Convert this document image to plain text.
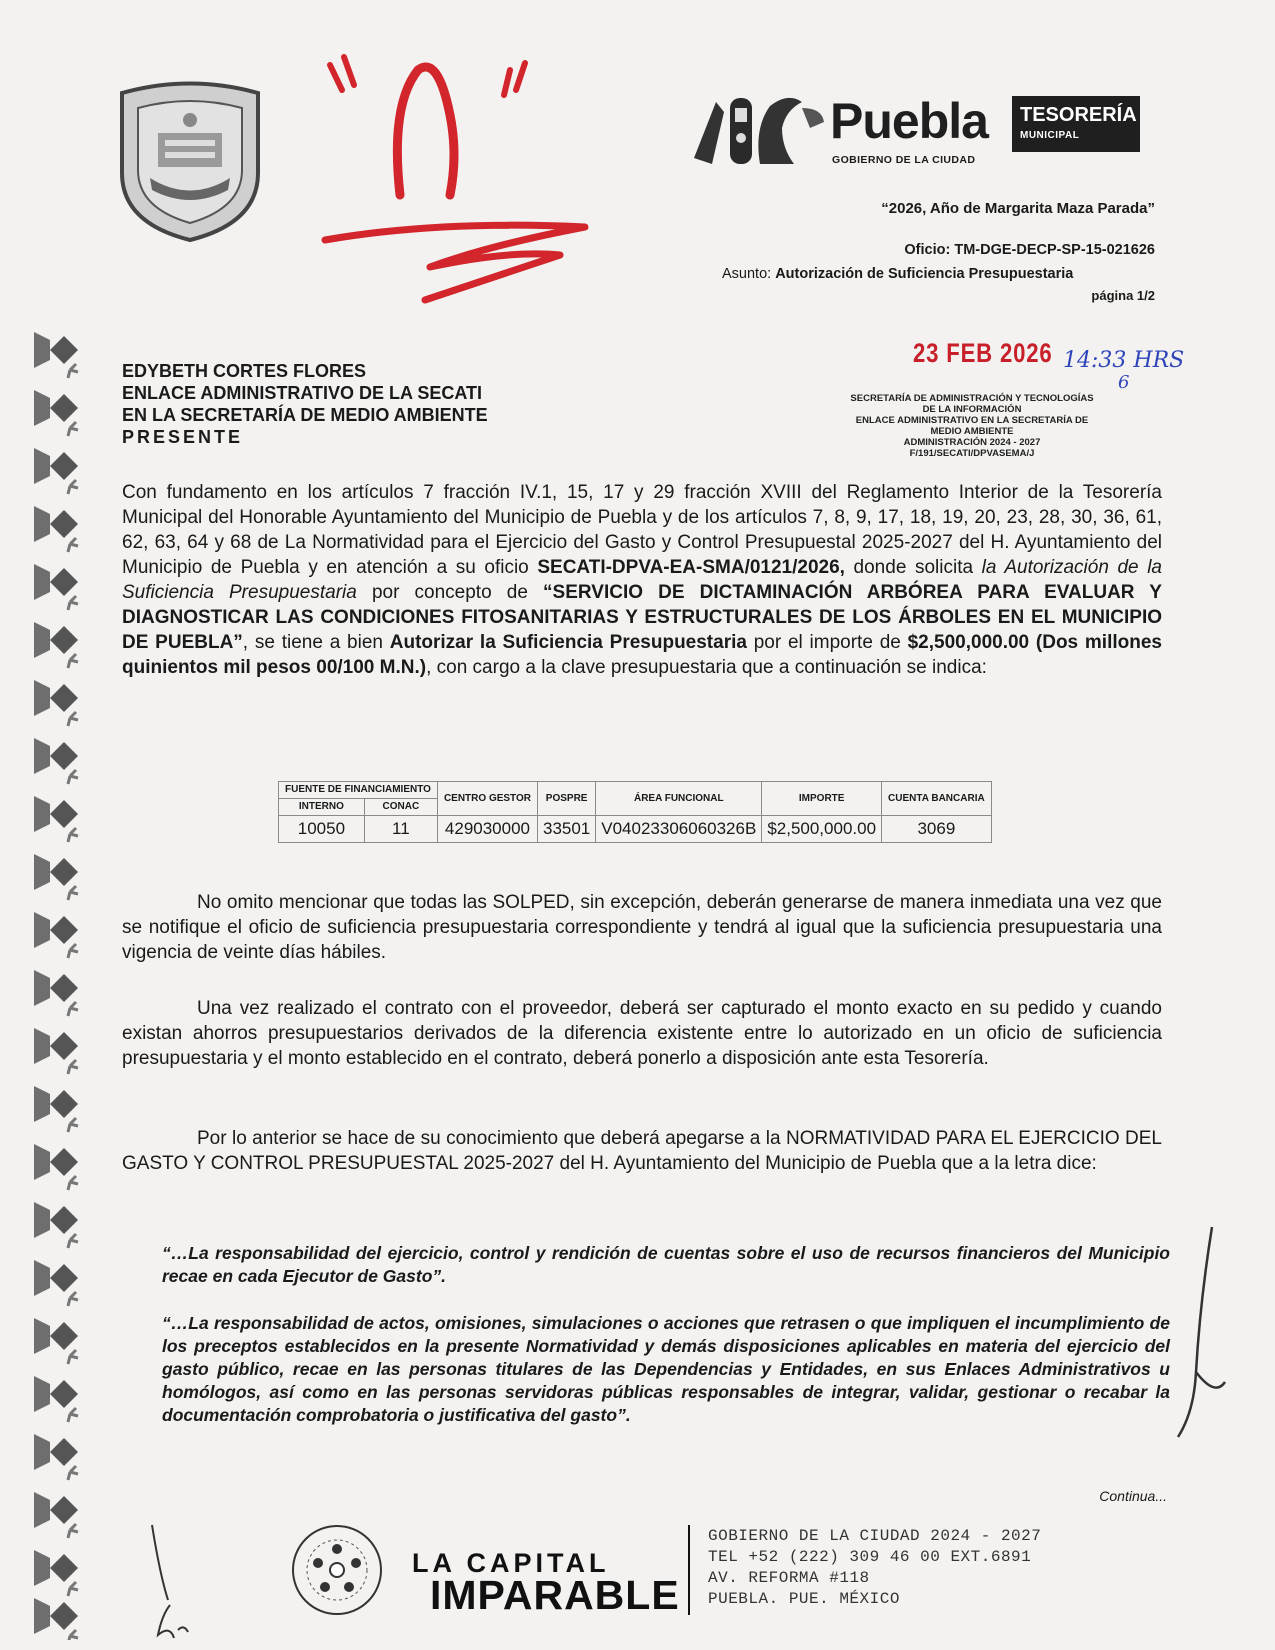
Puebla
GOBIERNO DE LA CIUDAD
TESORERÍA
MUNICIPAL
“2026, Año de Margarita Maza Parada”
Oficio: TM-DGE-DECP-SP-15-021626
Asunto: Autorización de Suficiencia Presupuestaria
página 1/2
23 FEB 2026 14:33 HRS
6
SECRETARÍA DE ADMINISTRACIÓN Y TECNOLOGÍAS
DE LA INFORMACIÓN
ENLACE ADMINISTRATIVO EN LA SECRETARÍA DE
MEDIO AMBIENTE
ADMINISTRACIÓN 2024 - 2027
F/191/SECATI/DPVASEMA/J
EDYBETH CORTES FLORES
ENLACE ADMINISTRATIVO DE LA SECATI
EN LA SECRETARÍA DE MEDIO AMBIENTE
PRESENTE
Con fundamento en los artículos 7 fracción IV.1, 15, 17 y 29 fracción XVIII del Reglamento Interior de la Tesorería Municipal del Honorable Ayuntamiento del Municipio de Puebla y de los artículos 7, 8, 9, 17, 18, 19, 20, 23, 28, 30, 36, 61, 62, 63, 64 y 68 de La Normatividad para el Ejercicio del Gasto y Control Presupuestal 2025-2027 del H. Ayuntamiento del Municipio de Puebla y en atención a su oficio SECATI-DPVA-EA-SMA/0121/2026, donde solicita la Autorización de la Suficiencia Presupuestaria por concepto de “SERVICIO DE DICTAMINACIÓN ARBÓREA PARA EVALUAR Y DIAGNOSTICAR LAS CONDICIONES FITOSANITARIAS Y ESTRUCTURALES DE LOS ÁRBOLES EN EL MUNICIPIO DE PUEBLA”, se tiene a bien Autorizar la Suficiencia Presupuestaria por el importe de $2,500,000.00 (Dos millones quinientos mil pesos 00/100 M.N.), con cargo a la clave presupuestaria que a continuación se indica:
FUENTE DE FINANCIAMIENTO		CENTRO GESTOR	POSPRE	ÁREA FUNCIONAL	IMPORTE	CUENTA BANCARIA
INTERNO	CONAC					
10050	11	429030000	33501	V04023306060326B	$2,500,000.00	3069
No omito mencionar que todas las SOLPED, sin excepción, deberán generarse de manera inmediata una vez que se notifique el oficio de suficiencia presupuestaria correspondiente y tendrá al igual que la suficiencia presupuestaria una vigencia de veinte días hábiles.
Una vez realizado el contrato con el proveedor, deberá ser capturado el monto exacto en su pedido y cuando existan ahorros presupuestarios derivados de la diferencia existente entre lo autorizado en un oficio de suficiencia presupuestaria y el monto establecido en el contrato, deberá ponerlo a disposición ante esta Tesorería.
Por lo anterior se hace de su conocimiento que deberá apegarse a la NORMATIVIDAD PARA EL EJERCICIO DEL GASTO Y CONTROL PRESUPUESTAL 2025-2027 del H. Ayuntamiento del Municipio de Puebla que a la letra dice:
“…La responsabilidad del ejercicio, control y rendición de cuentas sobre el uso de recursos financieros del Municipio recae en cada Ejecutor de Gasto”.
“…La responsabilidad de actos, omisiones, simulaciones o acciones que retrasen o que impliquen el incumplimiento de los preceptos establecidos en la presente Normatividad y demás disposiciones aplicables en materia del ejercicio del gasto público, recae en las personas titulares de las Dependencias y Entidades, en sus Enlaces Administrativos u homólogos, así como en las personas servidoras públicas responsables de integrar, validar, gestionar o recabar la documentación comprobatoria o justificativa del gasto”.
Continua...
LA CAPITAL
IMPARABLE
GOBIERNO DE LA CIUDAD 2024 - 2027
TEL +52 (222) 309 46 00 EXT.6891
AV. REFORMA #118
PUEBLA. PUE. MÉXICO
